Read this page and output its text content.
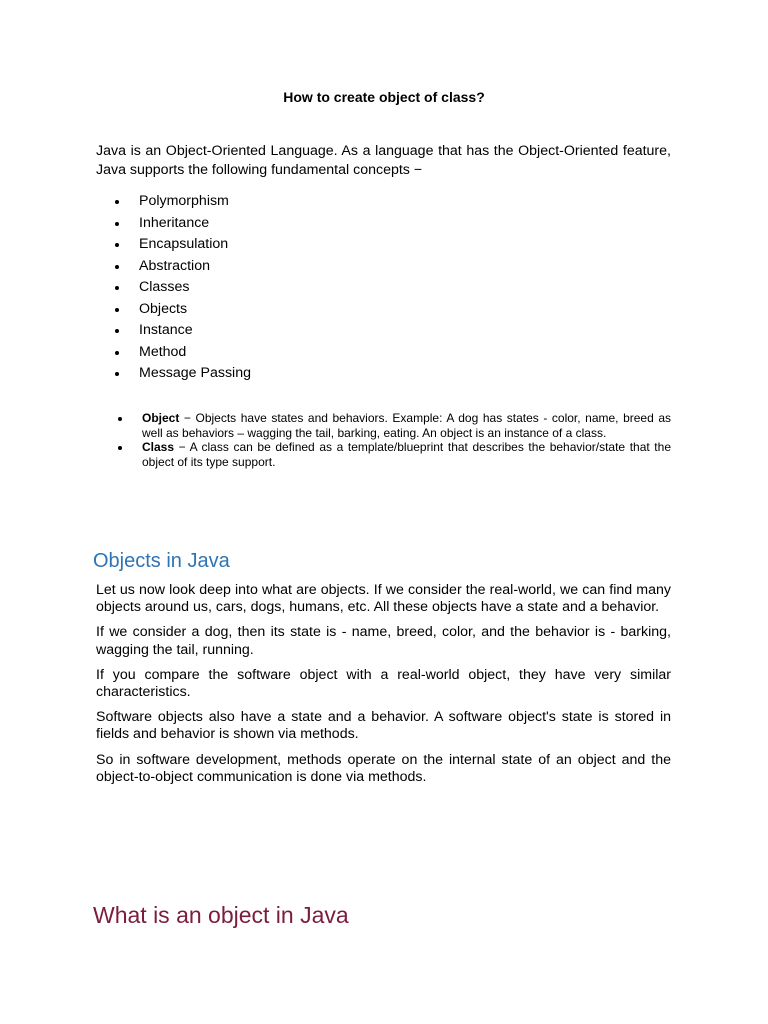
How to create object of class?

Java is an Object-Oriented Language. As a language that has the Object-Oriented feature, Java supports the following fundamental concepts −

Polymorphism
Inheritance
Encapsulation
Abstraction
Classes
Objects
Instance
Method
Message Passing
Object − Objects have states and behaviors. Example: A dog has states - color, name, breed as well as behaviors – wagging the tail, barking, eating. An object is an instance of a class.
Class − A class can be defined as a template/blueprint that describes the behavior/state that the object of its type support.
Objects in Java

Let us now look deep into what are objects. If we consider the real-world, we can find many objects around us, cars, dogs, humans, etc. All these objects have a state and a behavior.

If we consider a dog, then its state is - name, breed, color, and the behavior is - barking, wagging the tail, running.

If you compare the software object with a real-world object, they have very similar characteristics.

Software objects also have a state and a behavior. A software object's state is stored in fields and behavior is shown via methods.

So in software development, methods operate on the internal state of an object and the object-to-object communication is done via methods.

What is an object in Java
